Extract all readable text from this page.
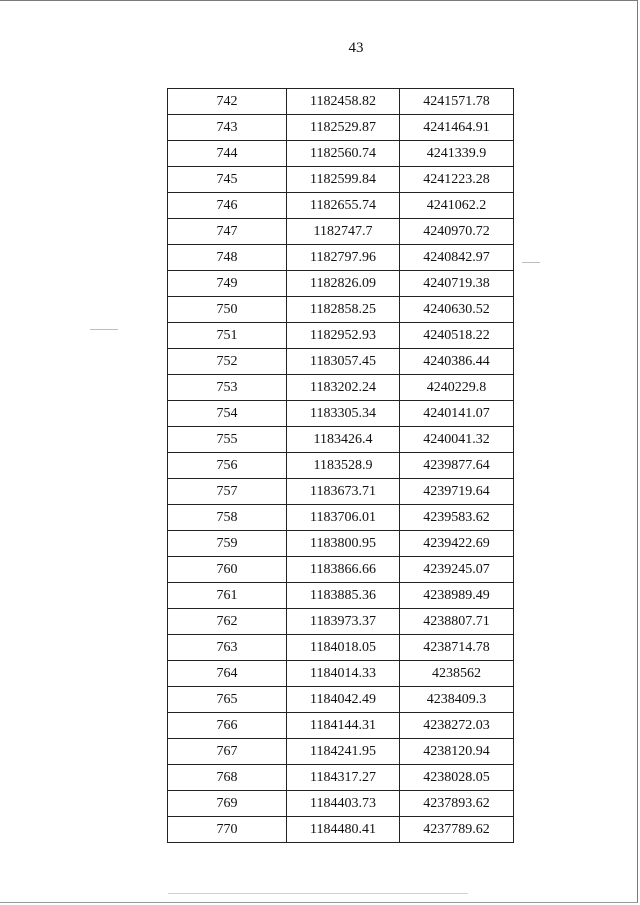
43
742	1182458.82	4241571.78
743	1182529.87	4241464.91
744	1182560.74	4241339.9
745	1182599.84	4241223.28
746	1182655.74	4241062.2
747	1182747.7	4240970.72
748	1182797.96	4240842.97
749	1182826.09	4240719.38
750	1182858.25	4240630.52
751	1182952.93	4240518.22
752	1183057.45	4240386.44
753	1183202.24	4240229.8
754	1183305.34	4240141.07
755	1183426.4	4240041.32
756	1183528.9	4239877.64
757	1183673.71	4239719.64
758	1183706.01	4239583.62
759	1183800.95	4239422.69
760	1183866.66	4239245.07
761	1183885.36	4238989.49
762	1183973.37	4238807.71
763	1184018.05	4238714.78
764	1184014.33	4238562
765	1184042.49	4238409.3
766	1184144.31	4238272.03
767	1184241.95	4238120.94
768	1184317.27	4238028.05
769	1184403.73	4237893.62
770	1184480.41	4237789.62
